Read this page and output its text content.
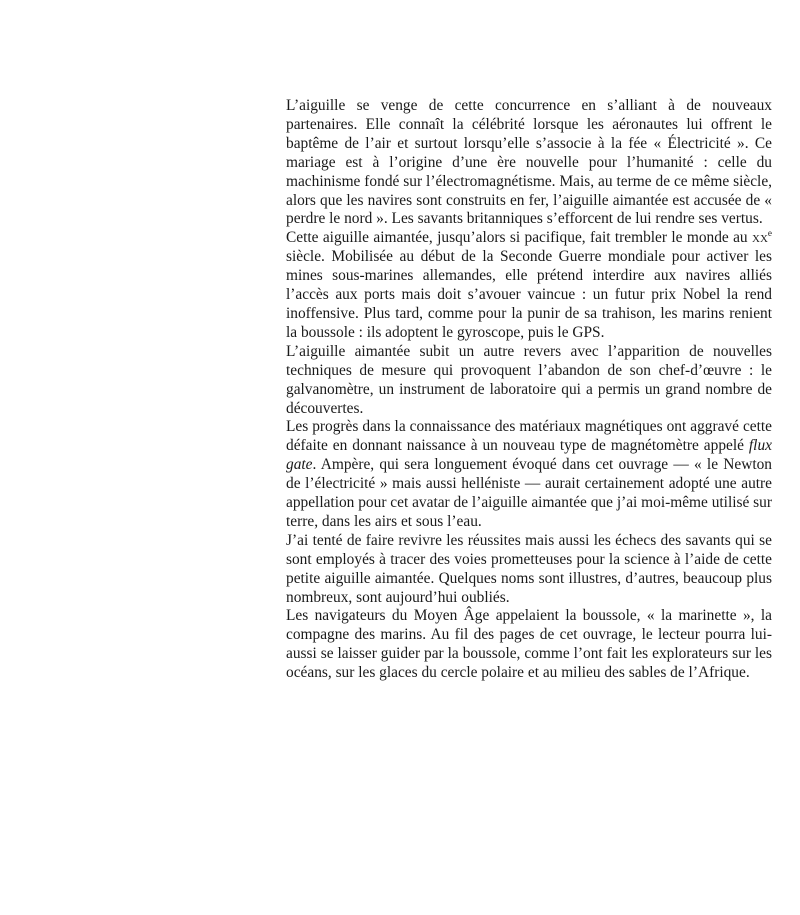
L’aiguille se venge de cette concurrence en s’alliant à de nouveaux partenaires. Elle connaît la célébrité lorsque les aéronautes lui offrent le baptême de l’air et surtout lorsqu’elle s’associe à la fée « Électricité ». Ce mariage est à l’origine d’une ère nouvelle pour l’humanité : celle du machinisme fondé sur l’électromagnétisme. Mais, au terme de ce même siècle, alors que les navires sont construits en fer, l’aiguille aimantée est accusée de « perdre le nord ». Les savants britanniques s’efforcent de lui rendre ses vertus.

Cette aiguille aimantée, jusqu’alors si pacifique, fait trembler le monde au $xx^e$ siècle. Mobilisée au début de la Seconde Guerre mondiale pour activer les mines sous-marines allemandes, elle prétend interdire aux navires alliés l’accès aux ports mais doit s’avouer vaincue : un futur prix Nobel la rend inoffensive. Plus tard, comme pour la punir de sa trahison, les marins renient la boussole : ils adoptent le gyroscope, puis le GPS.

L’aiguille aimantée subit un autre revers avec l’apparition de nouvelles techniques de mesure qui provoquent l’abandon de son chef-d’œuvre : le galvanomètre, un instrument de laboratoire qui a permis un grand nombre de découvertes.

Les progrès dans la connaissance des matériaux magnétiques ont aggravé cette défaite en donnant naissance à un nouveau type de magnétomètre appelé flux gate. Ampère, qui sera longuement évoqué dans cet ouvrage — « le Newton de l’électricité » mais aussi helléniste — aurait certainement adopté une autre appellation pour cet avatar de l’aiguille aimantée que j’ai moi-même utilisé sur terre, dans les airs et sous l’eau.

J’ai tenté de faire revivre les réussites mais aussi les échecs des savants qui se sont employés à tracer des voies prometteuses pour la science à l’aide de cette petite aiguille aimantée. Quelques noms sont illustres, d’autres, beaucoup plus nombreux, sont aujourd’hui oubliés.

Les navigateurs du Moyen Âge appelaient la boussole, « la marinette », la compagne des marins. Au fil des pages de cet ouvrage, le lecteur pourra lui-aussi se laisser guider par la boussole, comme l’ont fait les explorateurs sur les océans, sur les glaces du cercle polaire et au milieu des sables de l’Afrique.
